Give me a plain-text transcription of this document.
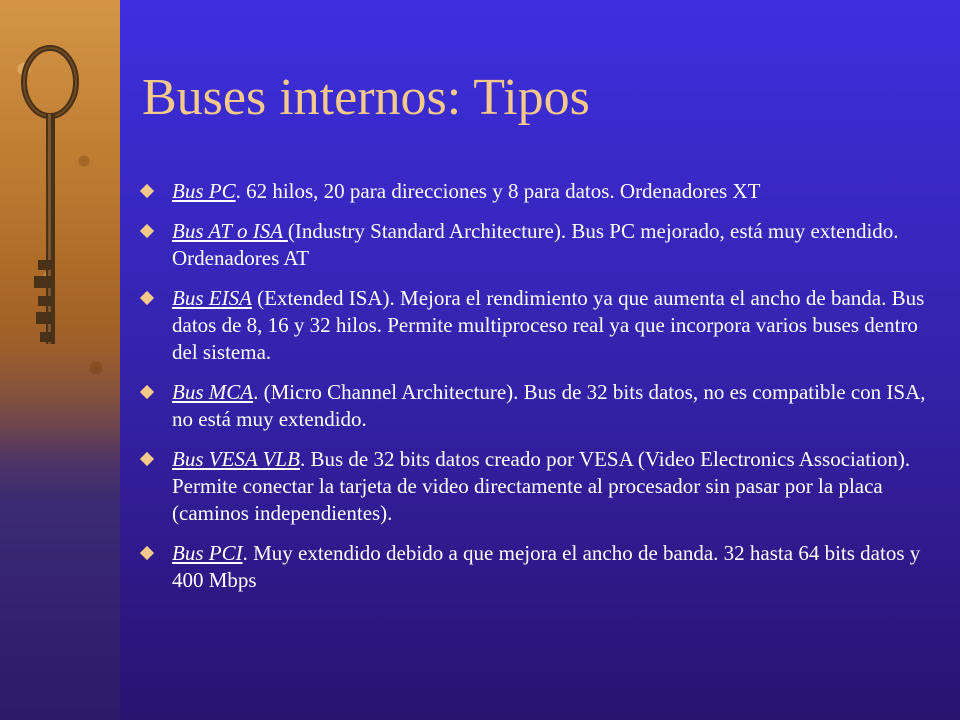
Buses internos: Tipos
Bus PC. 62 hilos, 20 para direcciones y 8 para datos. Ordenadores XT
Bus AT o ISA (Industry Standard Architecture). Bus PC mejorado, está muy extendido. Ordenadores AT
Bus EISA (Extended ISA). Mejora el rendimiento ya que aumenta el ancho de banda. Bus datos de 8, 16 y 32 hilos. Permite multiproceso real ya que incorpora varios buses dentro del sistema.
Bus MCA. (Micro Channel Architecture). Bus de 32 bits datos, no es compatible con ISA, no está muy extendido.
Bus VESA VLB. Bus de 32 bits datos creado por VESA (Video Electronics Association). Permite conectar la tarjeta de video directamente al procesador sin pasar por la placa (caminos independientes).
Bus PCI. Muy extendido debido a que mejora el ancho de banda. 32 hasta 64 bits datos y 400 Mbps
